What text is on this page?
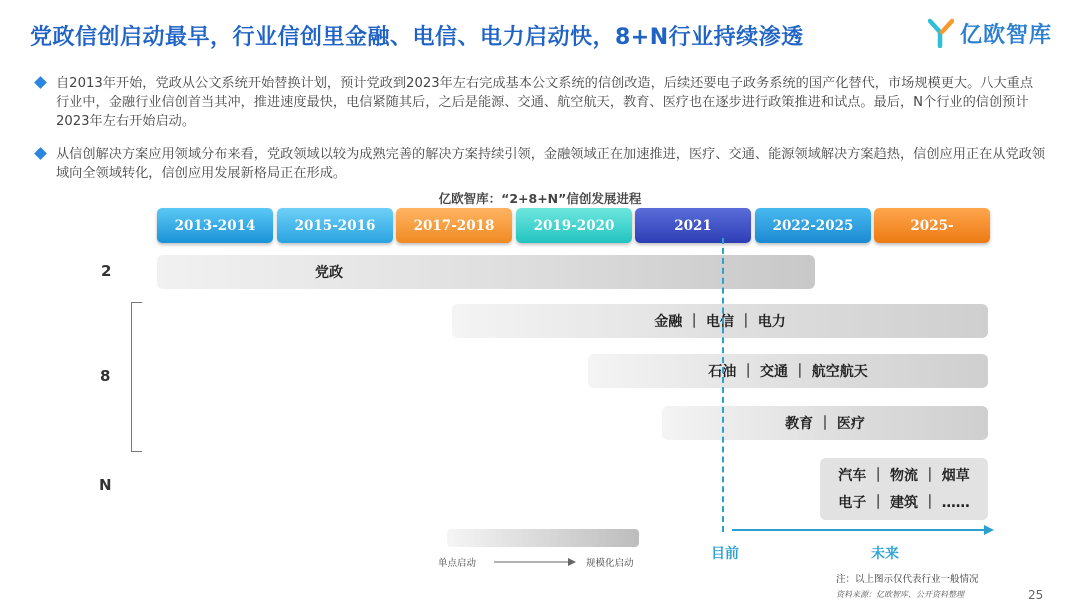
党政信创启动最早，行业信创里金融、电信、电力启动快，8+N行业持续渗透	亿欧智库
自2013年开始，党政从公文系统开始替换计划，预计党政到2023年左右完成基本公文系统的信创改造，后续还要电子政务系统的国产化替代，市场规模更大。八大重点行业中，金融行业信创首当其冲，推进速度最快，电信紧随其后，之后是能源、交通、航空航天，教育、医疗也在逐步进行政策推进和试点。最后，N个行业的信创预计2023年左右开始启动。
从信创解决方案应用领域分布来看，党政领域以较为成熟完善的解决方案持续引领，金融领域正在加速推进，医疗、交通、能源领域解决方案趋热，信创应用正在从党政领域向全领域转化，信创应用发展新格局正在形成。
亿欧智库：“2+8+N”信创发展进程
2013-2014	2015-2016	2017-2018	2019-2020	2021	2022-2025	2025-
2
8
N
党政
金融 ｜ 电信 ｜ 电力
石油 ｜ 交通 ｜ 航空航天
教育 ｜ 医疗
汽车 ｜ 物流 ｜ 烟草
电子 ｜ 建筑 ｜ ……
目前	未来
单点启动	规模化启动
注：以上图示仅代表行业一般情况
资料来源：亿欧智库、公开资料整理	25
